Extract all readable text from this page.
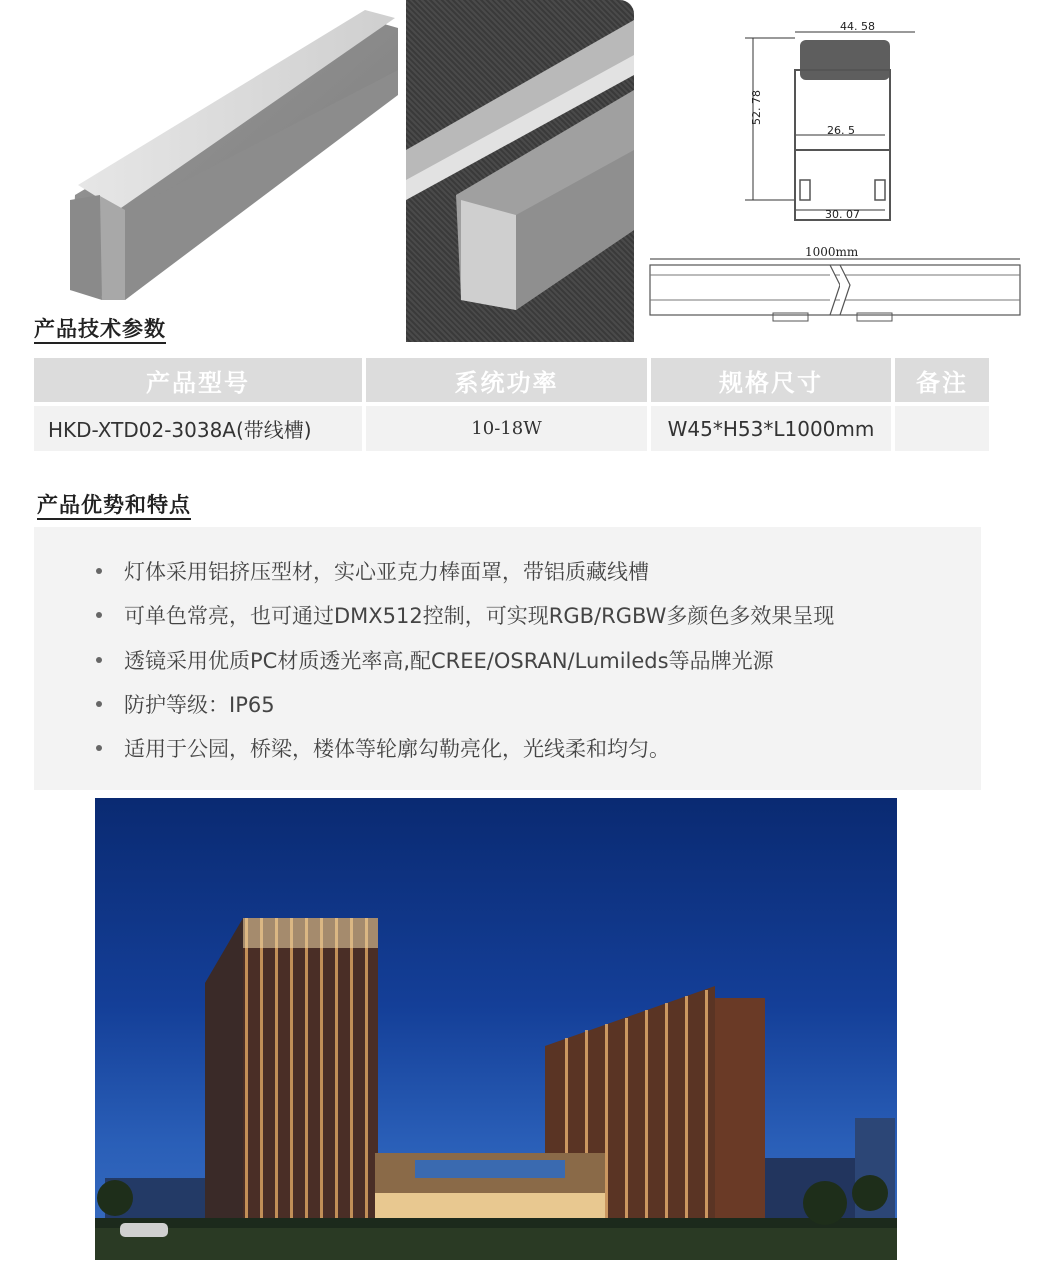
44. 58
52. 78
26. 5
30. 07
1000mm
产品技术参数
产品型号	系统功率	规格尺寸	备注
HKD-XTD02-3038A(带线槽)	10-18W	W45*H53*L1000mm
产品优势和特点
灯体采用铝挤压型材，实心亚克力棒面罩，带铝质藏线槽
可单色常亮，也可通过DMX512控制，可实现RGB/RGBW多颜色多效果呈现
透镜采用优质PC材质透光率高,配CREE/OSRAN/Lumileds等品牌光源
防护等级：IP65
适用于公园，桥梁，楼体等轮廓勾勒亮化，光线柔和均匀。
